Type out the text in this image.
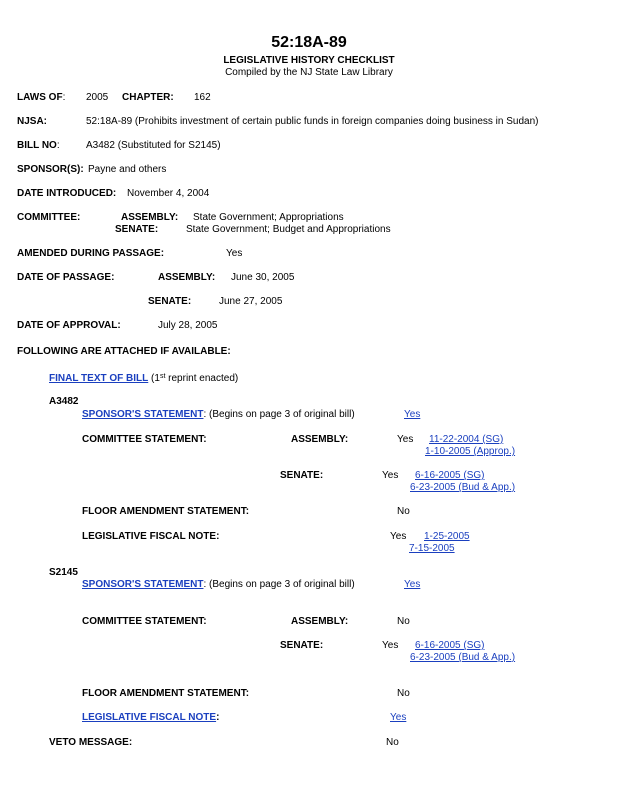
52:18A-89
LEGISLATIVE HISTORY CHECKLIST
Compiled by the NJ State Law Library
LAWS OF: 2005 CHAPTER: 162
NJSA:	52:18A-89 (Prohibits investment of certain public funds in foreign companies doing business in Sudan)
BILL NO:	A3482 (Substituted for S2145)
SPONSOR(S): Payne and others
DATE INTRODUCED: November 4, 2004
COMMITTEE:	ASSEMBLY: State Government; Appropriations
SENATE:	State Government; Budget and Appropriations
AMENDED DURING PASSAGE:	Yes
DATE OF PASSAGE:	ASSEMBLY: June 30, 2005
SENATE:	June 27, 2005
DATE OF APPROVAL:	July 28, 2005
FOLLOWING ARE ATTACHED IF AVAILABLE:
FINAL TEXT OF BILL (1st reprint enacted)
A3482
SPONSOR'S STATEMENT: (Begins on page 3 of original bill)	Yes
COMMITTEE STATEMENT:	ASSEMBLY:	Yes 11-22-2004 (SG)
1-10-2005 (Approp.)
SENATE:	Yes 6-16-2005 (SG)
6-23-2005 (Bud & App.)
FLOOR AMENDMENT STATEMENT:	No
LEGISLATIVE FISCAL NOTE:	Yes 1-25-2005
7-15-2005
S2145
SPONSOR'S STATEMENT: (Begins on page 3 of original bill)	Yes
COMMITTEE STATEMENT:	ASSEMBLY:	No
SENATE:	Yes 6-16-2005 (SG)
6-23-2005 (Bud & App.)
FLOOR AMENDMENT STATEMENT:	No
LEGISLATIVE FISCAL NOTE:	Yes
VETO MESSAGE:	No
